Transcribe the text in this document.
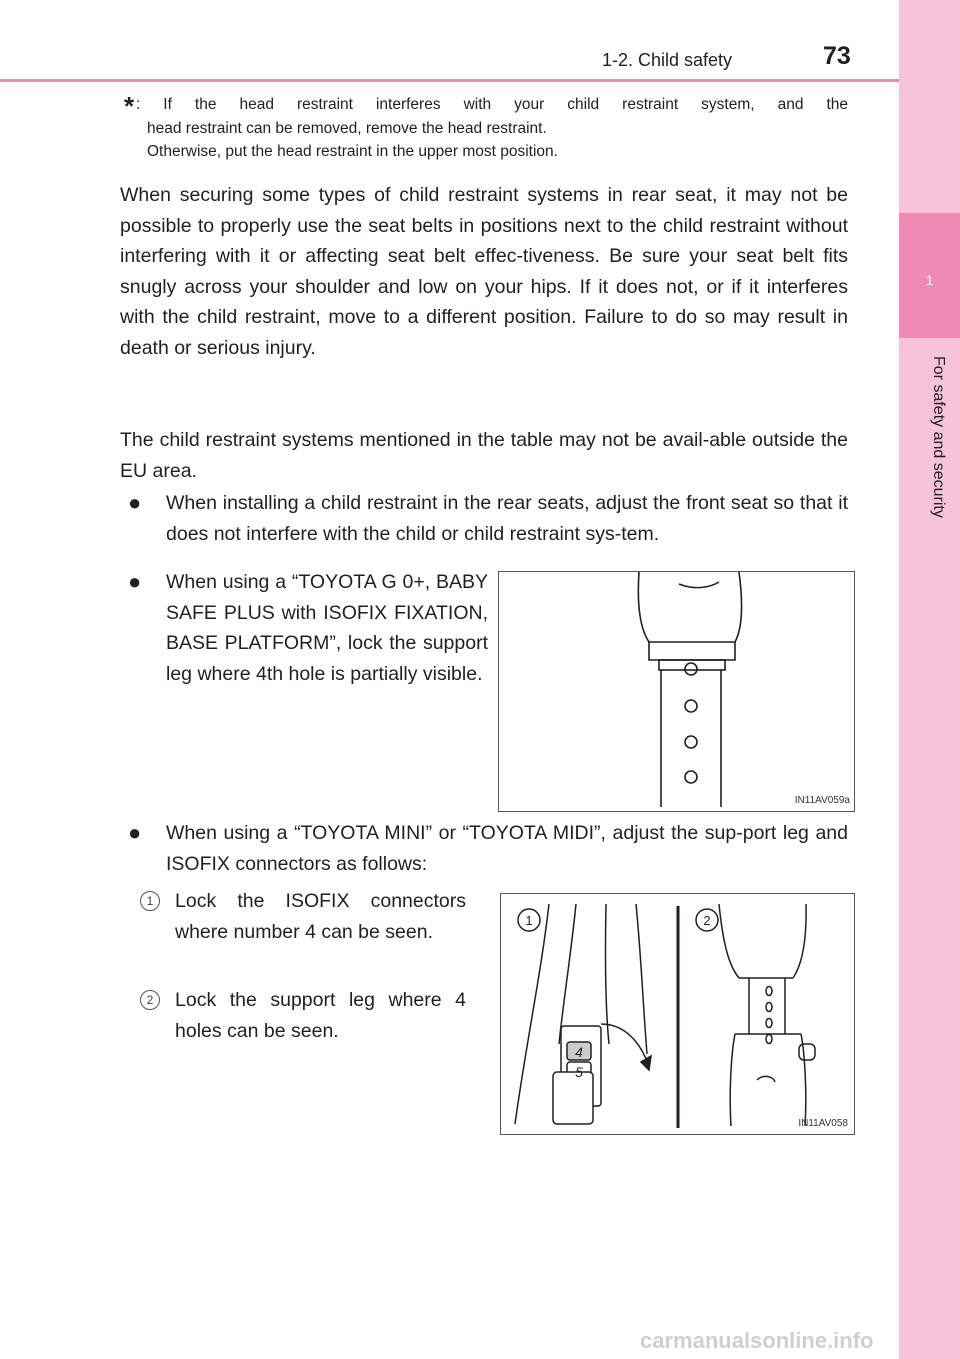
1
For safety and security
1-2. Child safety	73
* : If the head restraint interferes with your child restraint system, and the
head restraint can be removed, remove the head restraint.
Otherwise, put the head restraint in the upper most position.

When securing some types of child restraint systems in rear seat, it may not be possible to properly use the seat belts in positions next to the child restraint without interfering with it or affecting seat belt effec-tiveness. Be sure your seat belt fits snugly across your shoulder and low on your hips. If it does not, or if it interferes with the child restraint, move to a different position. Failure to do so may result in death or serious injury.

The child restraint systems mentioned in the table may not be avail-able outside the EU area.

● When installing a child restraint in the rear seats, adjust the front seat so that it does not interfere with the child or child restraint sys-tem.
● When using a “TOYOTA G 0+, BABY SAFE PLUS with ISOFIX FIXATION, BASE PLATFORM”, lock the support leg where 4th hole is partially visible.
IN11AV059a
● When using a “TOYOTA MINI” or “TOYOTA MIDI”, adjust the sup-port leg and ISOFIX connectors as follows:
1	Lock the ISOFIX connectors where number 4 can be seen.
2	Lock the support leg where 4 holes can be seen.
1	2
4
5
IN11AV058
carmanualsonline.info
